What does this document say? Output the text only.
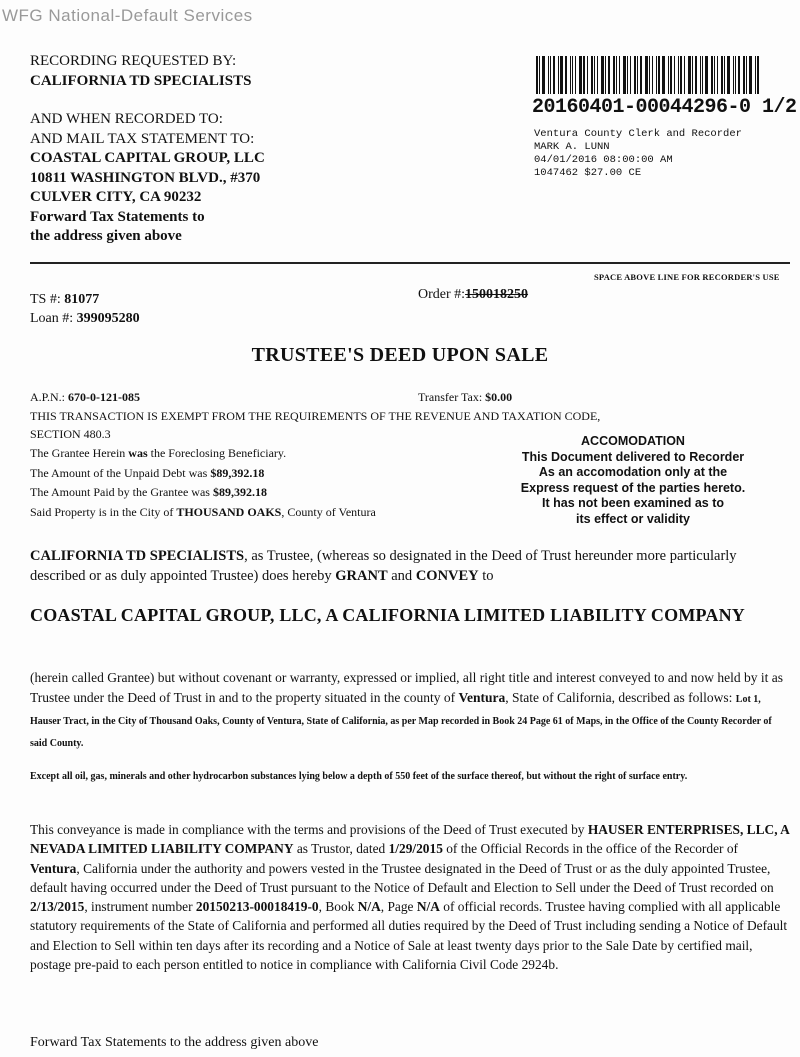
WFG National-Default Services
RECORDING REQUESTED BY:
CALIFORNIA TD SPECIALISTS
AND WHEN RECORDED TO:
AND MAIL TAX STATEMENT TO:
COASTAL CAPITAL GROUP, LLC
10811 WASHINGTON BLVD., #370
CULVER CITY, CA 90232
Forward Tax Statements to
the address given above
20160401-00044296-0 1/2
Ventura County Clerk and Recorder
MARK A. LUNN
04/01/2016 08:00:00 AM
1047462 $27.00 CE
SPACE ABOVE LINE FOR RECORDER'S USE
TS #: 81077
Loan #: 399095280
Order #:150018250
TRUSTEE'S DEED UPON SALE
A.P.N.: 670-0-121-085	Transfer Tax: $0.00
THIS TRANSACTION IS EXEMPT FROM THE REQUIREMENTS OF THE REVENUE AND TAXATION CODE,
SECTION 480.3
The Grantee Herein was the Foreclosing Beneficiary.
The Amount of the Unpaid Debt was $89,392.18
The Amount Paid by the Grantee was $89,392.18
Said Property is in the City of THOUSAND OAKS, County of Ventura
ACCOMODATION
This Document delivered to Recorder
As an accomodation only at the
Express request of the parties hereto.
It has not been examined as to
its effect or validity
CALIFORNIA TD SPECIALISTS, as Trustee, (whereas so designated in the Deed of Trust hereunder more particularly described or as duly appointed Trustee) does hereby GRANT and CONVEY to
COASTAL CAPITAL GROUP, LLC, A CALIFORNIA LIMITED LIABILITY COMPANY
(herein called Grantee) but without covenant or warranty, expressed or implied, all right title and interest conveyed to and now held by it as Trustee under the Deed of Trust in and to the property situated in the county of Ventura, State of California, described as follows: Lot 1, Hauser Tract, in the City of Thousand Oaks, County of Ventura, State of California, as per Map recorded in Book 24 Page 61 of Maps, in the Office of the County Recorder of said County.
Except all oil, gas, minerals and other hydrocarbon substances lying below a depth of 550 feet of the surface thereof, but without the right of surface entry.
This conveyance is made in compliance with the terms and provisions of the Deed of Trust executed by HAUSER ENTERPRISES, LLC, A NEVADA LIMITED LIABILITY COMPANY as Trustor, dated 1/29/2015 of the Official Records in the office of the Recorder of Ventura, California under the authority and powers vested in the Trustee designated in the Deed of Trust or as the duly appointed Trustee, default having occurred under the Deed of Trust pursuant to the Notice of Default and Election to Sell under the Deed of Trust recorded on 2/13/2015, instrument number 20150213-00018419-0, Book N/A, Page N/A of official records. Trustee having complied with all applicable statutory requirements of the State of California and performed all duties required by the Deed of Trust including sending a Notice of Default and Election to Sell within ten days after its recording and a Notice of Sale at least twenty days prior to the Sale Date by certified mail, postage pre-paid to each person entitled to notice in compliance with California Civil Code 2924b.
Forward Tax Statements to the address given above
